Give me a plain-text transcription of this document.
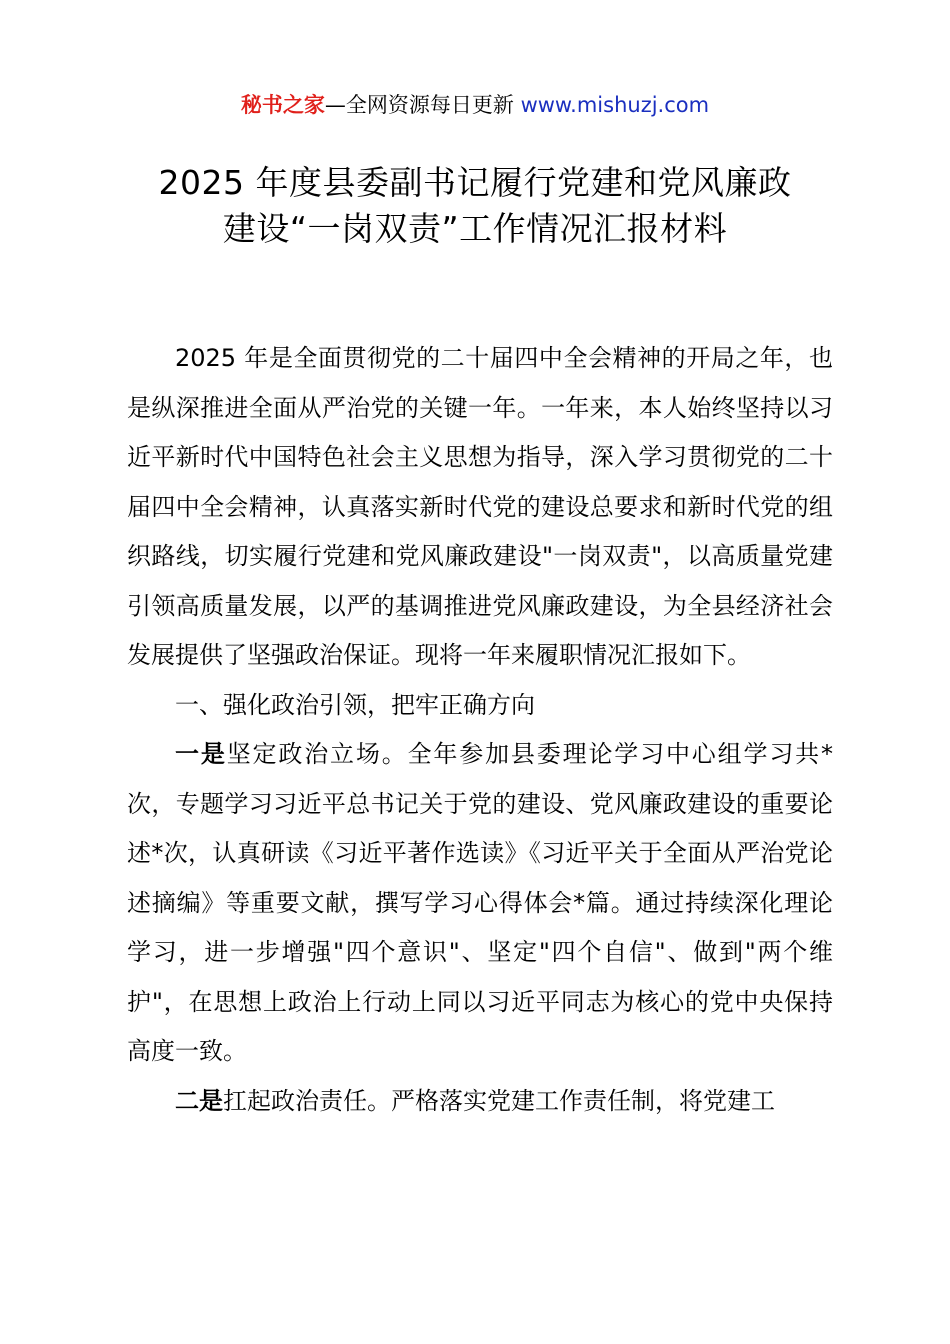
秘书之家—全网资源每日更新 www.mishuzj.com
2025 年度县委副书记履行党建和党风廉政
建设“一岗双责”工作情况汇报材料

2025 年是全面贯彻党的二十届四中全会精神的开局之年，也是纵深推进全面从严治党的关键一年。一年来，本人始终坚持以习近平新时代中国特色社会主义思想为指导，深入学习贯彻党的二十届四中全会精神，认真落实新时代党的建设总要求和新时代党的组织路线，切实履行党建和党风廉政建设"一岗双责"，以高质量党建引领高质量发展，以严的基调推进党风廉政建设，为全县经济社会发展提供了坚强政治保证。现将一年来履职情况汇报如下。

一、强化政治引领，把牢正确方向

一是坚定政治立场。全年参加县委理论学习中心组学习共*次，专题学习习近平总书记关于党的建设、党风廉政建设的重要论述*次，认真研读《习近平著作选读》《习近平关于全面从严治党论述摘编》等重要文献，撰写学习心得体会*篇。通过持续深化理论学习，进一步增强"四个意识"、坚定"四个自信"、做到"两个维护"，在思想上政治上行动上同以习近平同志为核心的党中央保持高度一致。

二是扛起政治责任。严格落实党建工作责任制，将党建工
